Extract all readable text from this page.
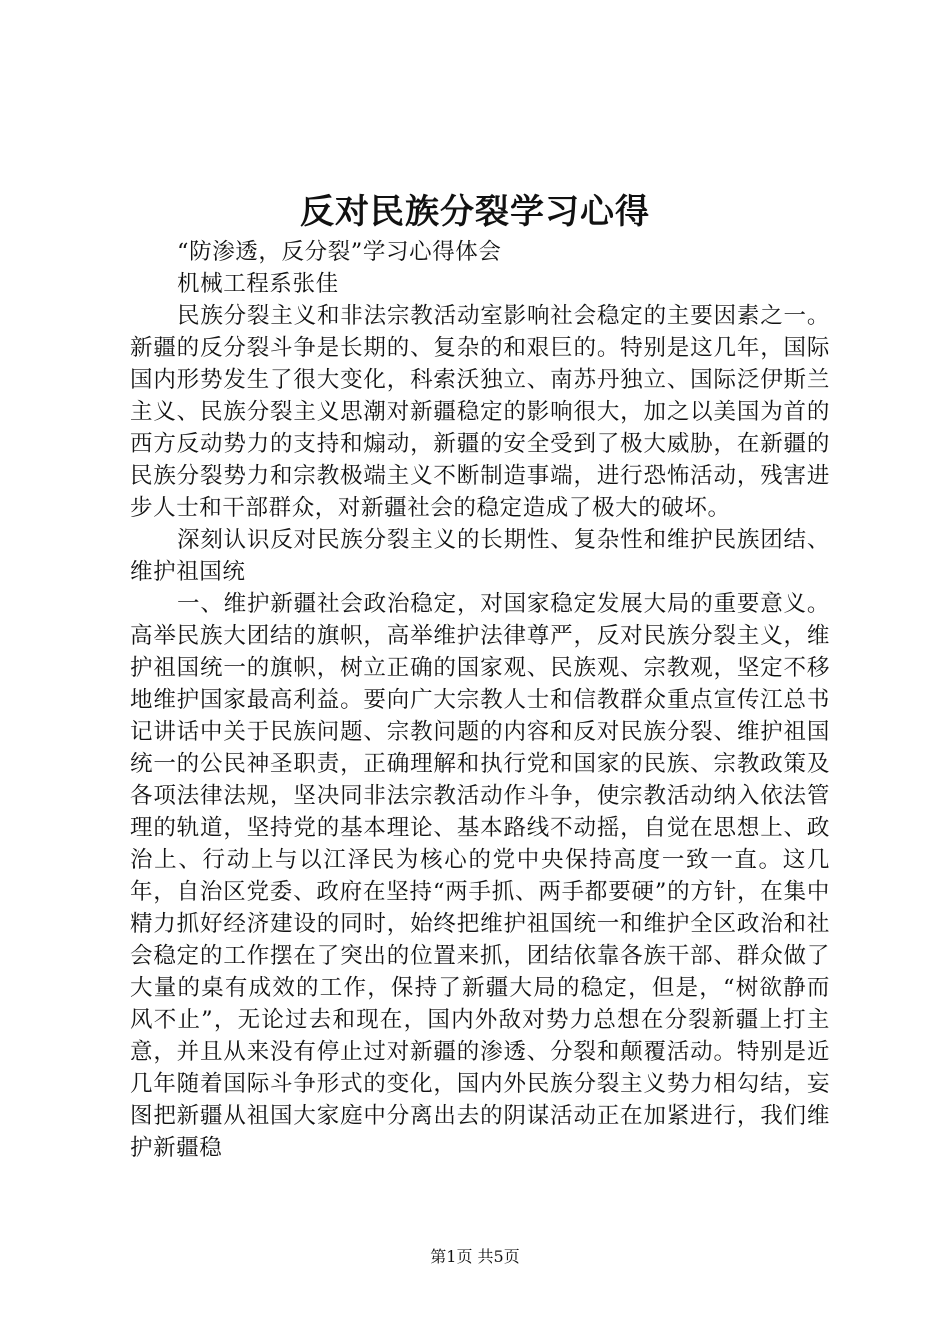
反对民族分裂学习心得

“防渗透，反分裂”学习心得体会

机械工程系张佳

民族分裂主义和非法宗教活动室影响社会稳定的主要因素之一。新疆的反分裂斗争是长期的、复杂的和艰巨的。特别是这几年，国际国内形势发生了很大变化，科索沃独立、南苏丹独立、国际泛伊斯兰主义、民族分裂主义思潮对新疆稳定的影响很大，加之以美国为首的西方反动势力的支持和煽动，新疆的安全受到了极大威胁，在新疆的民族分裂势力和宗教极端主义不断制造事端，进行恐怖活动，残害进步人士和干部群众，对新疆社会的稳定造成了极大的破坏。

深刻认识反对民族分裂主义的长期性、复杂性和维护民族团结、维护祖国统

一、维护新疆社会政治稳定，对国家稳定发展大局的重要意义。高举民族大团结的旗帜，高举维护法律尊严，反对民族分裂主义，维护祖国统一的旗帜，树立正确的国家观、民族观、宗教观，坚定不移地维护国家最高利益。要向广大宗教人士和信教群众重点宣传江总书记讲话中关于民族问题、宗教问题的内容和反对民族分裂、维护祖国统一的公民神圣职责，正确理解和执行党和国家的民族、宗教政策及各项法律法规，坚决同非法宗教活动作斗争，使宗教活动纳入依法管理的轨道，坚持党的基本理论、基本路线不动摇，自觉在思想上、政治上、行动上与以江泽民为核心的党中央保持高度一致一直。这几年，自治区党委、政府在坚持“两手抓、两手都要硬”的方针，在集中精力抓好经济建设的同时，始终把维护祖国统一和维护全区政治和社会稳定的工作摆在了突出的位置来抓，团结依靠各族干部、群众做了大量的桌有成效的工作，保持了新疆大局的稳定，但是，“树欲静而风不止”，无论过去和现在，国内外敌对势力总想在分裂新疆上打主意，并且从来没有停止过对新疆的渗透、分裂和颠覆活动。特别是近几年随着国际斗争形式的变化，国内外民族分裂主义势力相勾结，妄图把新疆从祖国大家庭中分离出去的阴谋活动正在加紧进行，我们维护新疆稳

第1页 共5页
